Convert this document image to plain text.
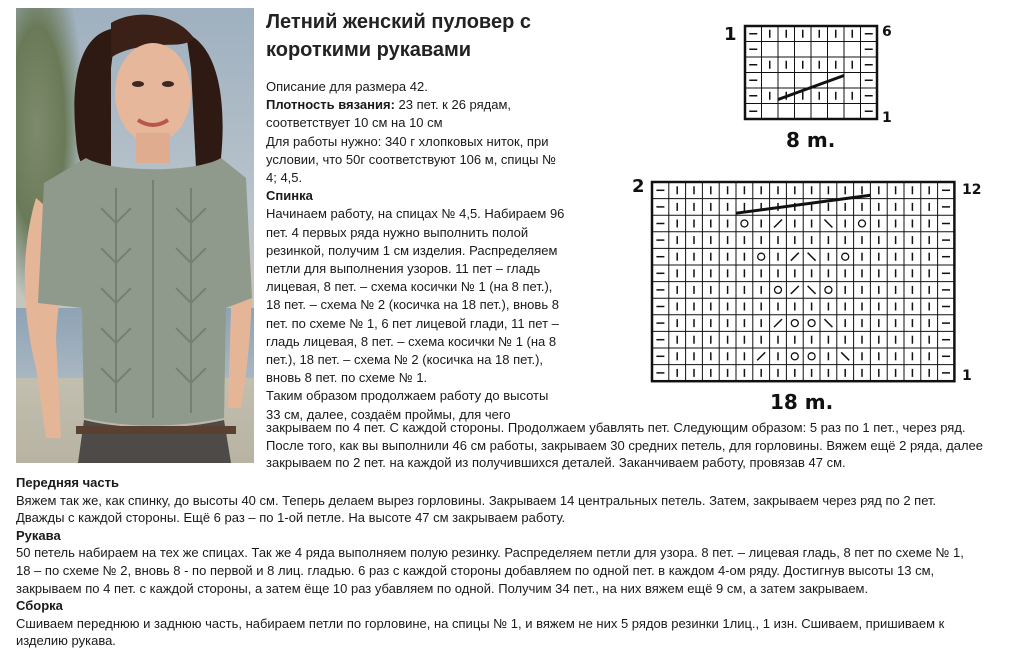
Летний женский пуловер с
короткими рукавами

Описание для размера 42.

Плотность вязания: 23 пет. к 26 рядам,

соответствует 10 см на 10 см

Для работы нужно: 340 г хлопковых ниток, при

условии, что 50г соответствуют 106 м, спицы №

4; 4,5.

Спинка

Начинаем работу, на спицах № 4,5. Набираем 96

пет. 4 первых ряда нужно выполнить полой

резинкой, получим 1 см изделия. Распределяем

петли для выполнения узоров. 11 пет – гладь

лицевая, 8 пет. – схема косички № 1 (на 8 пет.),

18 пет. – схема № 2 (косичка на 18 пет.), вновь 8

пет. по схеме № 1, 6 пет лицевой глади, 11 пет –

гладь лицевая, 8 пет. – схема косички № 1 (на 8

пет.), 18 пет. – схема № 2 (косичка на 18 пет.),

вновь 8 пет. по схеме № 1.

Таким образом продолжаем работу до высоты

33 см, далее, создаём проймы, для чего

закрываем по 4 пет. С каждой стороны. Продолжаем убавлять пет. Следующим образом: 5 раз по 1 пет., через ряд.

После того, как вы выполнили 46 см работы, закрываем 30 средних петель, для горловины. Вяжем ещё 2 ряда, далее

закрываем по 2 пет. на каждой из получившихся деталей. Заканчиваем работу, провязав 47 см.

Передняя часть

Вяжем так же, как спинку, до высоты 40 см. Теперь делаем вырез горловины. Закрываем 14 центральных петель. Затем, закрываем через ряд по 2 пет.

Дважды с каждой стороны. Ещё 6 раз – по 1-ой петле. На высоте 47 см закрываем работу.

Рукава

50 петель набираем на тех же спицах. Так же 4 ряда выполняем полую резинку. Распределяем петли для узора. 8 пет. – лицевая гладь, 8 пет по схеме № 1,

18 – по схеме № 2, вновь 8 - по первой и 8 лиц. гладью. 6 раз с каждой стороны добавляем по одной пет. в каждом 4-ом ряду. Достигнув высоты 13 см,

закрываем по 4 пет. с каждой стороны, а затем ёще 10 раз убавляем по одной. Получим 34 пет., на них вяжем ещё 9 см, а затем закрываем.

Сборка

Сшиваем переднюю и заднюю часть, набираем петли по горловине, на спицы № 1, и вяжем не них 5 рядов резинки 1лиц., 1 изн. Сшиваем, пришиваем к

изделию рукава.

1	6
1
8 m.
2	12
1
18 m.
